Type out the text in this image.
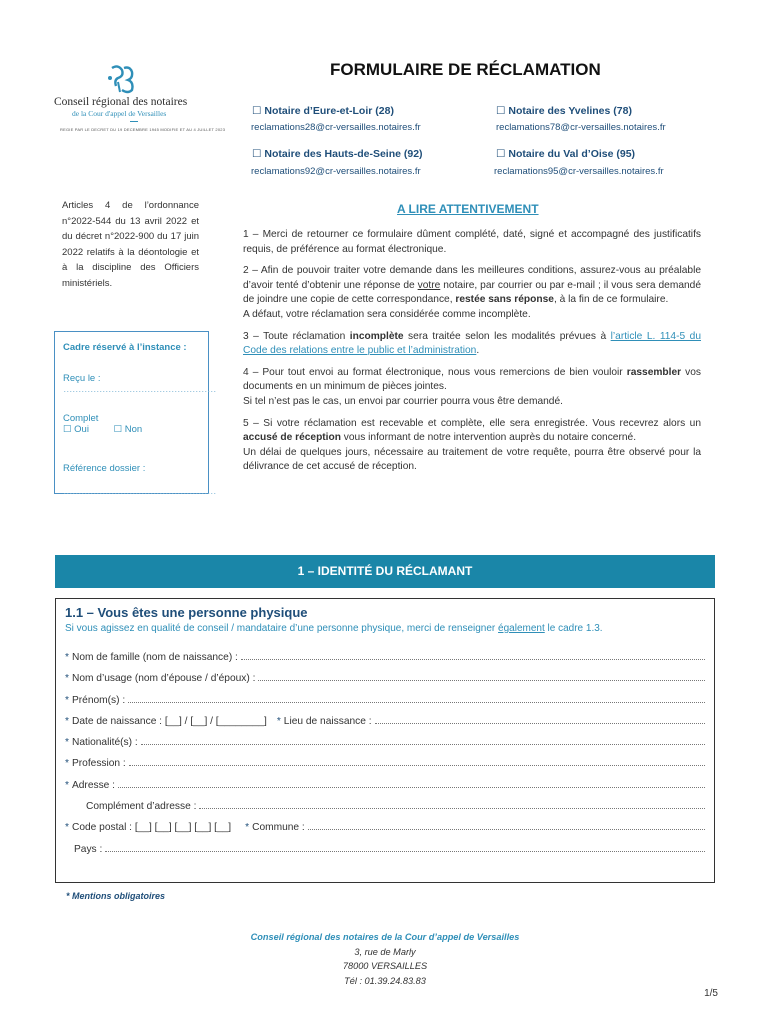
Conseil régional des notaires
de la Cour d'appel de Versailles
REGIE PAR LE DECRET DU 19 DECEMBRE 1945 MODIFIE ET AU 4 JUILLET 2023
FORMULAIRE DE RÉCLAMATION
☐ Notaire d’Eure-et-Loir (28)
reclamations28@cr-versailles.notaires.fr
☐ Notaire des Yvelines (78)
reclamations78@cr-versailles.notaires.fr
☐ Notaire des Hauts-de-Seine (92)
reclamations92@cr-versailles.notaires.fr
☐ Notaire du Val d’Oise (95)
reclamations95@cr-versailles.notaires.fr
Articles 4 de l’ordonnance n°2022-544 du 13 avril 2022 et du décret n°2022-900 du 17 juin 2022 relatifs à la déontologie et à la discipline des Officiers ministériels.
Cadre réservé à l’instance :
Reçu le : ……………………………………………
Complet
☐ Oui	☐ Non
Référence dossier :
……………………………………………
A LIRE ATTENTIVEMENT

1 – Merci de retourner ce formulaire dûment complété, daté, signé et accompagné des justificatifs requis, de préférence au format électronique.

2 – Afin de pouvoir traiter votre demande dans les meilleures conditions, assurez-vous au préalable d’avoir tenté d’obtenir une réponse de votre notaire, par courrier ou par e-mail ; il vous sera demandé de joindre une copie de cette correspondance, restée sans réponse, à la fin de ce formulaire.
A défaut, votre réclamation sera considérée comme incomplète.

3 – Toute réclamation incomplète sera traitée selon les modalités prévues à l’article L. 114-5 du Code des relations entre le public et l’administration.

4 – Pour tout envoi au format électronique, nous vous remercions de bien vouloir rassembler vos documents en un minimum de pièces jointes.
Si tel n’est pas le cas, un envoi par courrier pourra vous être demandé.

5 – Si votre réclamation est recevable et complète, elle sera enregistrée. Vous recevrez alors un accusé de réception vous informant de notre intervention auprès du notaire concerné.
Un délai de quelques jours, nécessaire au traitement de votre requête, pourra être observé pour la délivrance de cet accusé de réception.

1 – IDENTITÉ DU RÉCLAMANT
1.1 – Vous êtes une personne physique
Si vous agissez en qualité de conseil / mandataire d’une personne physique, merci de renseigner également le cadre 1.3.
* Nom de famille (nom de naissance) :
* Nom d’usage (nom d’épouse / d’époux) :
* Prénom(s) :
* Date de naissance : [__] / [__] / [________] * Lieu de naissance :
* Nationalité(s) :
* Profession :
* Adresse :
Complément d’adresse :
* Code postal : [__] [__] [__] [__] [__] * Commune :
Pays :
* Mentions obligatoires
Conseil régional des notaires de la Cour d’appel de Versailles
3, rue de Marly
78000 VERSAILLES
Tél : 01.39.24.83.83
1/5
